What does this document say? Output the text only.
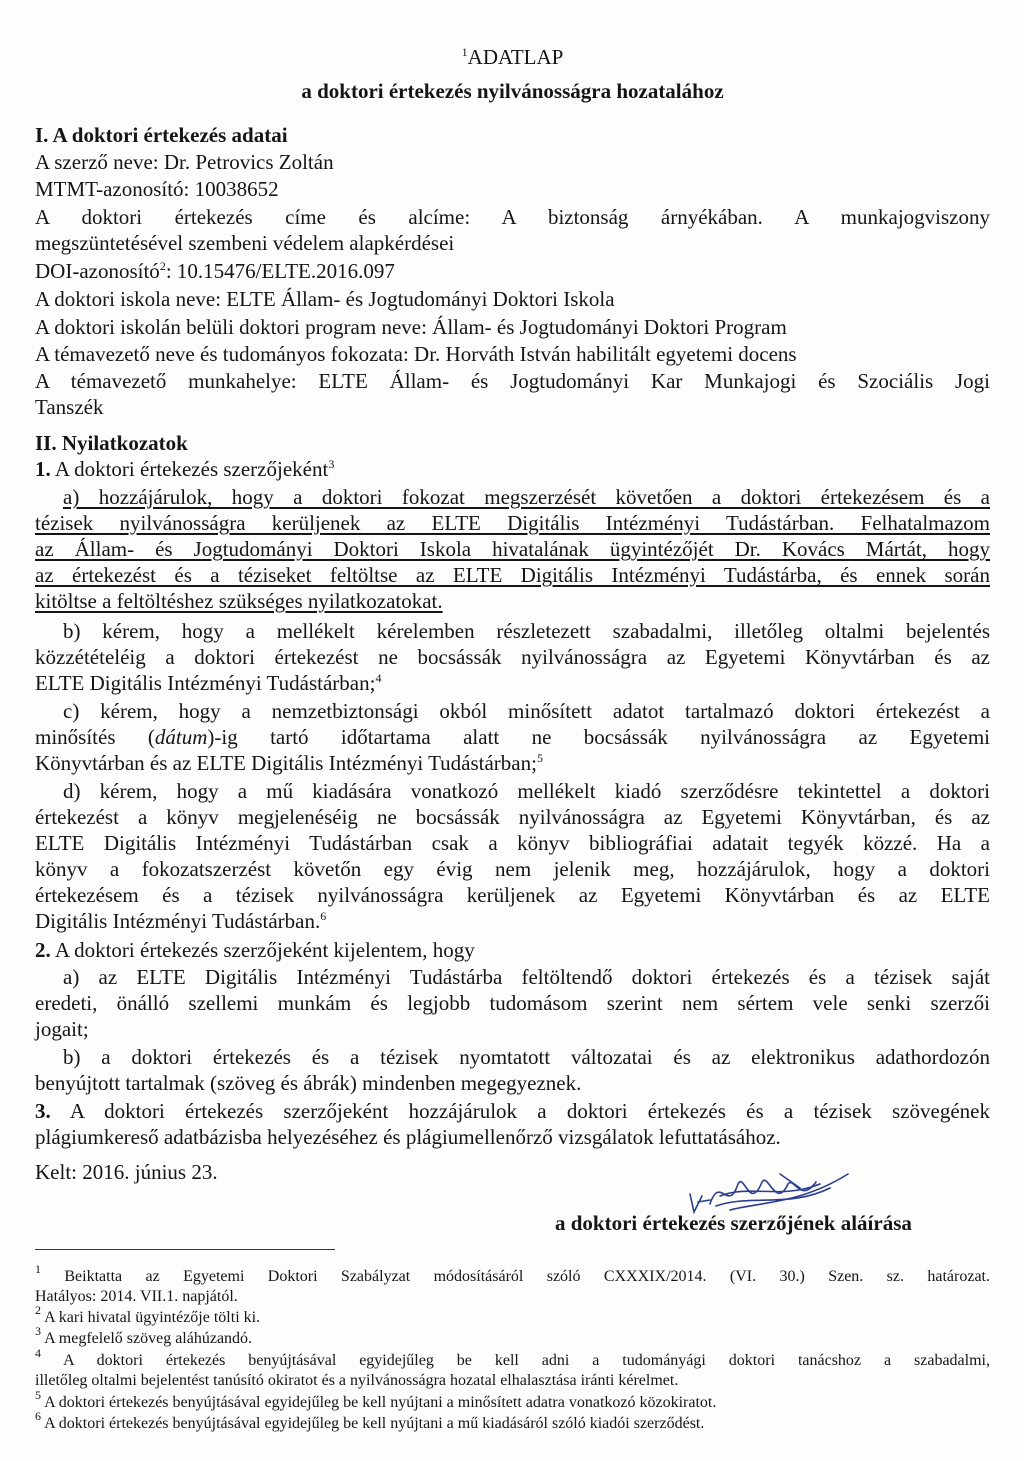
$^1$ADATLAP
a doktori értekezés nyilvánosságra hozatalához
I. A doktori értekezés adatai
A szerző neve: Dr. Petrovics Zoltán
MTMT-azonosító: 10038652
A doktori értekezés címe és alcíme: A biztonság árnyékában. A munkajogviszony
megszüntetésével szembeni védelem alapkérdései
DOI-azonosító$^2$: 10.15476/ELTE.2016.097
A doktori iskola neve: ELTE Állam- és Jogtudományi Doktori Iskola
A doktori iskolán belüli doktori program neve: Állam- és Jogtudományi Doktori Program
A témavezető neve és tudományos fokozata: Dr. Horváth István habilitált egyetemi docens
A témavezető munkahelye: ELTE Állam- és Jogtudományi Kar Munkajogi és Szociális Jogi
Tanszék
II. Nyilatkozatok
1. A doktori értekezés szerzőjeként$^3$
a) hozzájárulok, hogy a doktori fokozat megszerzését követően a doktori értekezésem és a
tézisek nyilvánosságra kerüljenek az ELTE Digitális Intézményi Tudástárban. Felhatalmazom
az Állam- és Jogtudományi Doktori Iskola hivatalának ügyintézőjét Dr. Kovács Mártát, hogy
az értekezést és a téziseket feltöltse az ELTE Digitális Intézményi Tudástárba, és ennek során
kitöltse a feltöltéshez szükséges nyilatkozatokat.
b) kérem, hogy a mellékelt kérelemben részletezett szabadalmi, illetőleg oltalmi bejelentés
közzétételéig a doktori értekezést ne bocsássák nyilvánosságra az Egyetemi Könyvtárban és az
ELTE Digitális Intézményi Tudástárban;$^4$
c) kérem, hogy a nemzetbiztonsági okból minősített adatot tartalmazó doktori értekezést a
minősítés (dátum)-ig tartó időtartama alatt ne bocsássák nyilvánosságra az Egyetemi
Könyvtárban és az ELTE Digitális Intézményi Tudástárban;$^5$
d) kérem, hogy a mű kiadására vonatkozó mellékelt kiadó szerződésre tekintettel a doktori
értekezést a könyv megjelenéséig ne bocsássák nyilvánosságra az Egyetemi Könyvtárban, és az
ELTE Digitális Intézményi Tudástárban csak a könyv bibliográfiai adatait tegyék közzé. Ha a
könyv a fokozatszerzést követőn egy évig nem jelenik meg, hozzájárulok, hogy a doktori
értekezésem és a tézisek nyilvánosságra kerüljenek az Egyetemi Könyvtárban és az ELTE
Digitális Intézményi Tudástárban.$^6$
2. A doktori értekezés szerzőjeként kijelentem, hogy
a) az ELTE Digitális Intézményi Tudástárba feltöltendő doktori értekezés és a tézisek saját
eredeti, önálló szellemi munkám és legjobb tudomásom szerint nem sértem vele senki szerzői
jogait;
b) a doktori értekezés és a tézisek nyomtatott változatai és az elektronikus adathordozón
benyújtott tartalmak (szöveg és ábrák) mindenben megegyeznek.
3. A doktori értekezés szerzőjeként hozzájárulok a doktori értekezés és a tézisek szövegének
plágiumkereső adatbázisba helyezéséhez és plágiumellenőrző vizsgálatok lefuttatásához.
Kelt: 2016. június 23.
a doktori értekezés szerzőjének aláírása
$^1$ Beiktatta az Egyetemi Doktori Szabályzat módosításáról szóló CXXXIX/2014. (VI. 30.) Szen. sz. határozat.
Hatályos: 2014. VII.1. napjától.
$^2$ A kari hivatal ügyintézője tölti ki.
$^3$ A megfelelő szöveg aláhúzandó.
$^4$ A doktori értekezés benyújtásával egyidejűleg be kell adni a tudományági doktori tanácshoz a szabadalmi,
illetőleg oltalmi bejelentést tanúsító okiratot és a nyilvánosságra hozatal elhalasztása iránti kérelmet.
$^5$ A doktori értekezés benyújtásával egyidejűleg be kell nyújtani a minősített adatra vonatkozó közokiratot.
$^6$ A doktori értekezés benyújtásával egyidejűleg be kell nyújtani a mű kiadásáról szóló kiadói szerződést.
